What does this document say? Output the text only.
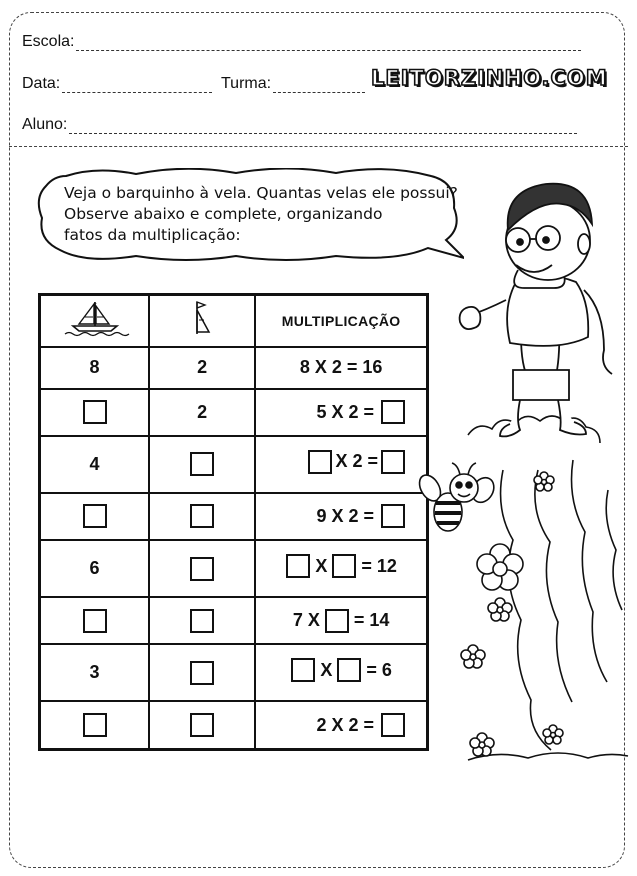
Escola:
Data:	Turma:	LEITORZINHO.COM
Aluno:
Veja o barquinho à vela. Quantas velas ele possui?
Observe abaixo e complete, organizando
fatos da multiplicação:
		MULTIPLICAÇÃO
8	2	8 X 2 = 16

	2	5 X 2 =

4		X 2 =

		9 X 2 =

6		X = 12

		7 X = 14

3		X = 6

		2 X 2 =
